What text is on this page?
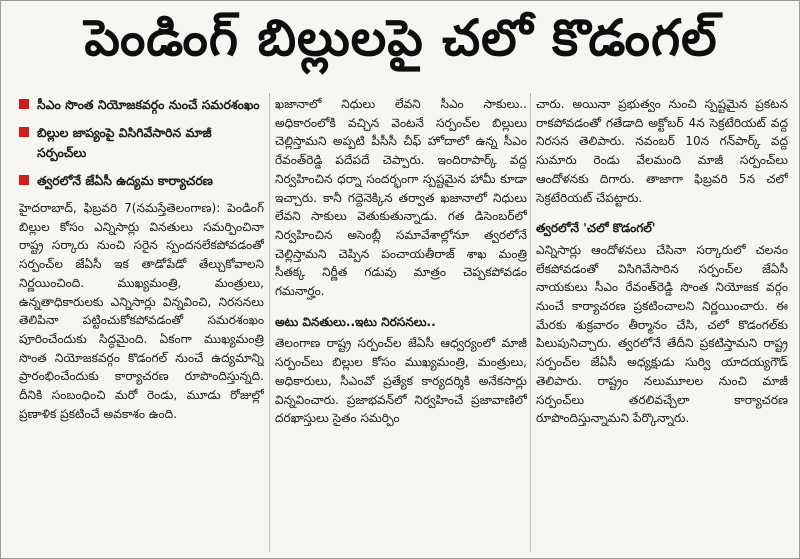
పెండింగ్ బిల్లులపై చలో కొడంగల్
సీఎం సొంత నియోజకవర్గం నుంచే సమరశంఖం
బిల్లుల జాప్యంపై విసిగివేసారిన మాజీ సర్పంచ్‌లు
త్వరలోనే జేఏసీ ఉద్యమ కార్యాచరణ

హైదరాబాద్, ఫిబ్రవరి 7(నమస్తేతెలంగాణ): పెండింగ్ బిల్లుల కోసం ఎన్నిసార్లు వినతులు సమర్పించినా రాష్ట్ర సర్కారు నుంచి సరైన స్పందనలేకపోవడంతో సర్పంచ్‌ల జేఏసీ ఇక తాడోపేడో తేల్చుకోవాలని నిర్ణయించింది. ముఖ్యమంత్రి, మంత్రులు, ఉన్నతాధికారులకు ఎన్నిసార్లు విన్నవించి, నిరసనలు తెలిపినా పట్టించుకోకపోవడంతో సమరశంఖం పూరించేందుకు సిద్ధమైంది. ఏకంగా ముఖ్యమంత్రి సొంత నియోజకవర్గం కొడంగల్ నుంచే ఉద్యమాన్ని ప్రారంభించేందుకు కార్యాచరణ రూపొందిస్తున్నది. దీనికి సంబంధించి మరో రెండు, మూడు రోజుల్లో ప్రణాళిక ప్రకటించే అవకాశం ఉంది.

ఖజానాలో నిధులు లేవని సీఎం సాకులు.. అధికారంలోకి వచ్చిన వెంటనే సర్పంచ్‌ల బిల్లులు చెల్లిస్తామని అప్పటి పీసీసీ చీఫ్ హోదాలో ఉన్న సీఎం రేవంత్‌రెడ్డి పదేపదే చెప్పారు. ఇందిరాపార్క్ వద్ద నిర్వహించిన ధర్నా సందర్భంగా స్పష్టమైన హామీ కూడా ఇచ్చారు. కానీ గద్దెనెక్కిన తర్వాత ఖజానాలో నిధులు లేవని సాకులు వెతుకుతున్నాడు. గత డిసెంబర్‌లో నిర్వహించిన అసెంబ్లీ సమావేశాల్లోనూ త్వరలోనే చెల్లిస్తామని చెప్పిన పంచాయతీరాజ్ శాఖ మంత్రి సీతక్క నిర్ణీత గడువు మాత్రం చెప్పకపోవడం గమనార్హం.

అటు వినతులు..ఇటు నిరసనలు..

తెలంగాణ రాష్ట్ర సర్పంచ్‌ల జేఏసీ ఆధ్వర్యంలో మాజీ సర్పంచ్‌లు బిల్లుల కోసం ముఖ్యమంత్రి, మంత్రులు, అధికారులు, సీఎంవో ప్రత్యేక కార్యదర్శికి అనేకసార్లు విన్నవించారు. ప్రజాభవన్‌లో నిర్వహించే ప్రజావాణిలో దరఖాస్తులు సైతం సమర్పిం

చారు. అయినా ప్రభుత్వం నుంచి స్పష్టమైన ప్రకటన రాకపోవడంతో గతేడాది అక్టోబర్ 4న సెక్రటేరియట్ వద్ద నిరసన తెలిపారు. నవంబర్ 10న గన్‌పార్క్ వద్ద సుమారు రెండు వేలమంది మాజీ సర్పంచ్‌లు ఆందోళనకు దిగారు. తాజాగా ఫిబ్రవరి 5న చలో సెక్రటేరియట్ చేపట్టారు.

త్వరలోనే 'చలో కొడంగల్'

ఎన్నిసార్లు ఆందోళనలు చేసినా సర్కారులో చలనం లేకపోవడంతో విసిగివేసారిన సర్పంచ్‌ల జేఏసీ నాయకులు సీఎం రేవంత్‌రెడ్డి సొంత నియోజక వర్గం నుంచే కార్యాచరణ ప్రకటించాలని నిర్ణయించారు. ఈ మేరకు శుక్రవారం తీర్మానం చేసి, చలో కొడంగల్‌కు పిలుపునిచ్చారు. త్వరలోనే తేదీని ప్రకటిస్తామని రాష్ట్ర సర్పంచ్‌ల జేఏసీ అధ్యక్షుడు సుర్వి యాదయ్యగౌడ్ తెలిపారు. రాష్ట్రం నలుమూలల నుంచి మాజీ సర్పంచ్‌లు తరలివచ్చేలా కార్యాచరణ రూపొందిస్తున్నామని పేర్కొన్నారు.
